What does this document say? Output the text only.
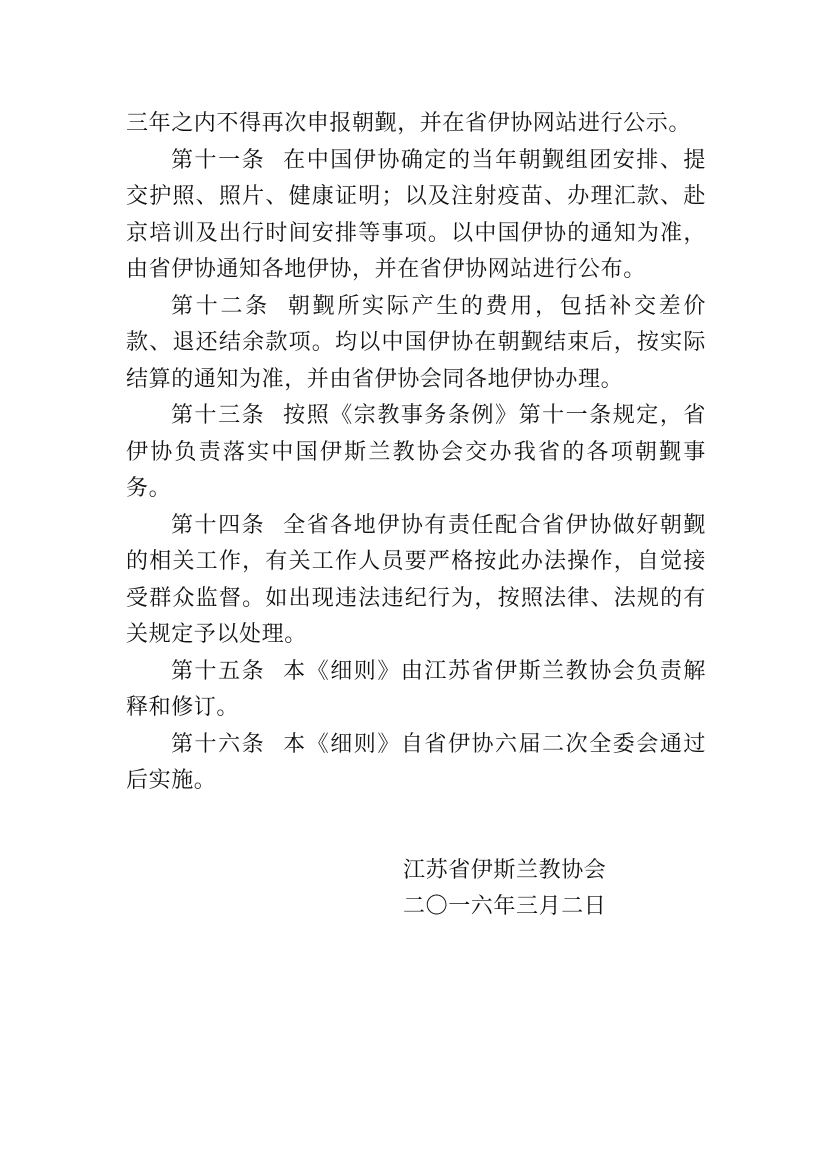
三年之内不得再次申报朝觐，并在省伊协网站进行公示。

第十一条 在中国伊协确定的当年朝觐组团安排、提交护照、照片、健康证明；以及注射疫苗、办理汇款、赴京培训及出行时间安排等事项。以中国伊协的通知为准，由省伊协通知各地伊协，并在省伊协网站进行公布。

第十二条 朝觐所实际产生的费用，包括补交差价款、退还结余款项。均以中国伊协在朝觐结束后，按实际结算的通知为准，并由省伊协会同各地伊协办理。

第十三条 按照《宗教事务条例》第十一条规定，省伊协负责落实中国伊斯兰教协会交办我省的各项朝觐事务。

第十四条 全省各地伊协有责任配合省伊协做好朝觐的相关工作，有关工作人员要严格按此办法操作，自觉接受群众监督。如出现违法违纪行为，按照法律、法规的有关规定予以处理。

第十五条 本《细则》由江苏省伊斯兰教协会负责解释和修订。

第十六条 本《细则》自省伊协六届二次全委会通过后实施。

江苏省伊斯兰教协会
二〇一六年三月二日
